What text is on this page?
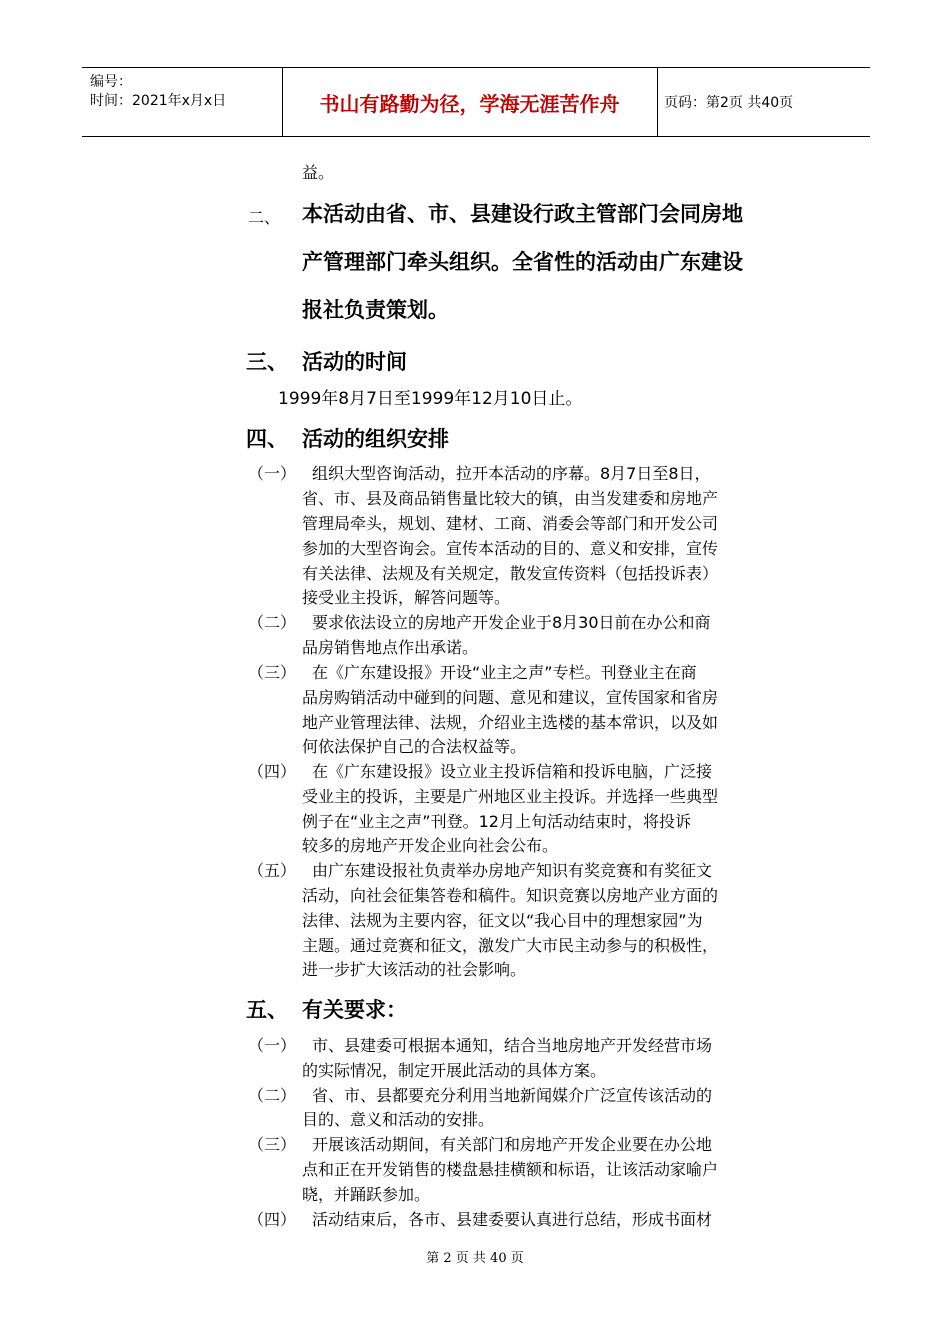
编号：
时间：2021年x月x日	书山有路勤为径，学海无涯苦作舟	页码：第2页 共40页
益。
二、 本活动由省、市、县建设行政主管部门会同房地
产管理部门牵头组织。全省性的活动由广东建设
报社负责策划。
三、 活动的时间
1999年8月7日至1999年12月10日止。
四、 活动的组织安排
（一） 组织大型咨询活动，拉开本活动的序幕。8月7日至8日，
省、市、县及商品销售量比较大的镇，由当发建委和房地产
管理局牵头，规划、建材、工商、消委会等部门和开发公司
参加的大型咨询会。宣传本活动的目的、意义和安排，宣传
有关法律、法规及有关规定，散发宣传资料（包括投诉表）
接受业主投诉，解答问题等。
（二） 要求依法设立的房地产开发企业于8月30日前在办公和商
品房销售地点作出承诺。
（三） 在《广东建设报》开设“业主之声”专栏。刊登业主在商
品房购销活动中碰到的问题、意见和建议，宣传国家和省房
地产业管理法律、法规，介绍业主选楼的基本常识，以及如
何依法保护自己的合法权益等。
（四） 在《广东建设报》设立业主投诉信箱和投诉电脑，广泛接
受业主的投诉，主要是广州地区业主投诉。并选择一些典型
例子在“业主之声”刊登。12月上旬活动结束时，将投诉
较多的房地产开发企业向社会公布。
（五） 由广东建设报社负责举办房地产知识有奖竞赛和有奖征文
活动，向社会征集答卷和稿件。知识竞赛以房地产业方面的
法律、法规为主要内容，征文以“我心目中的理想家园”为
主题。通过竞赛和征文，激发广大市民主动参与的积极性，
进一步扩大该活动的社会影响。
五、 有关要求：
（一） 市、县建委可根据本通知，结合当地房地产开发经营市场
的实际情况，制定开展此活动的具体方案。
（二） 省、市、县都要充分利用当地新闻媒介广泛宣传该活动的
目的、意义和活动的安排。
（三） 开展该活动期间，有关部门和房地产开发企业要在办公地
点和正在开发销售的楼盘悬挂横额和标语，让该活动家喻户
晓，并踊跃参加。
（四） 活动结束后，各市、县建委要认真进行总结，形成书面材
第 2 页 共 40 页
